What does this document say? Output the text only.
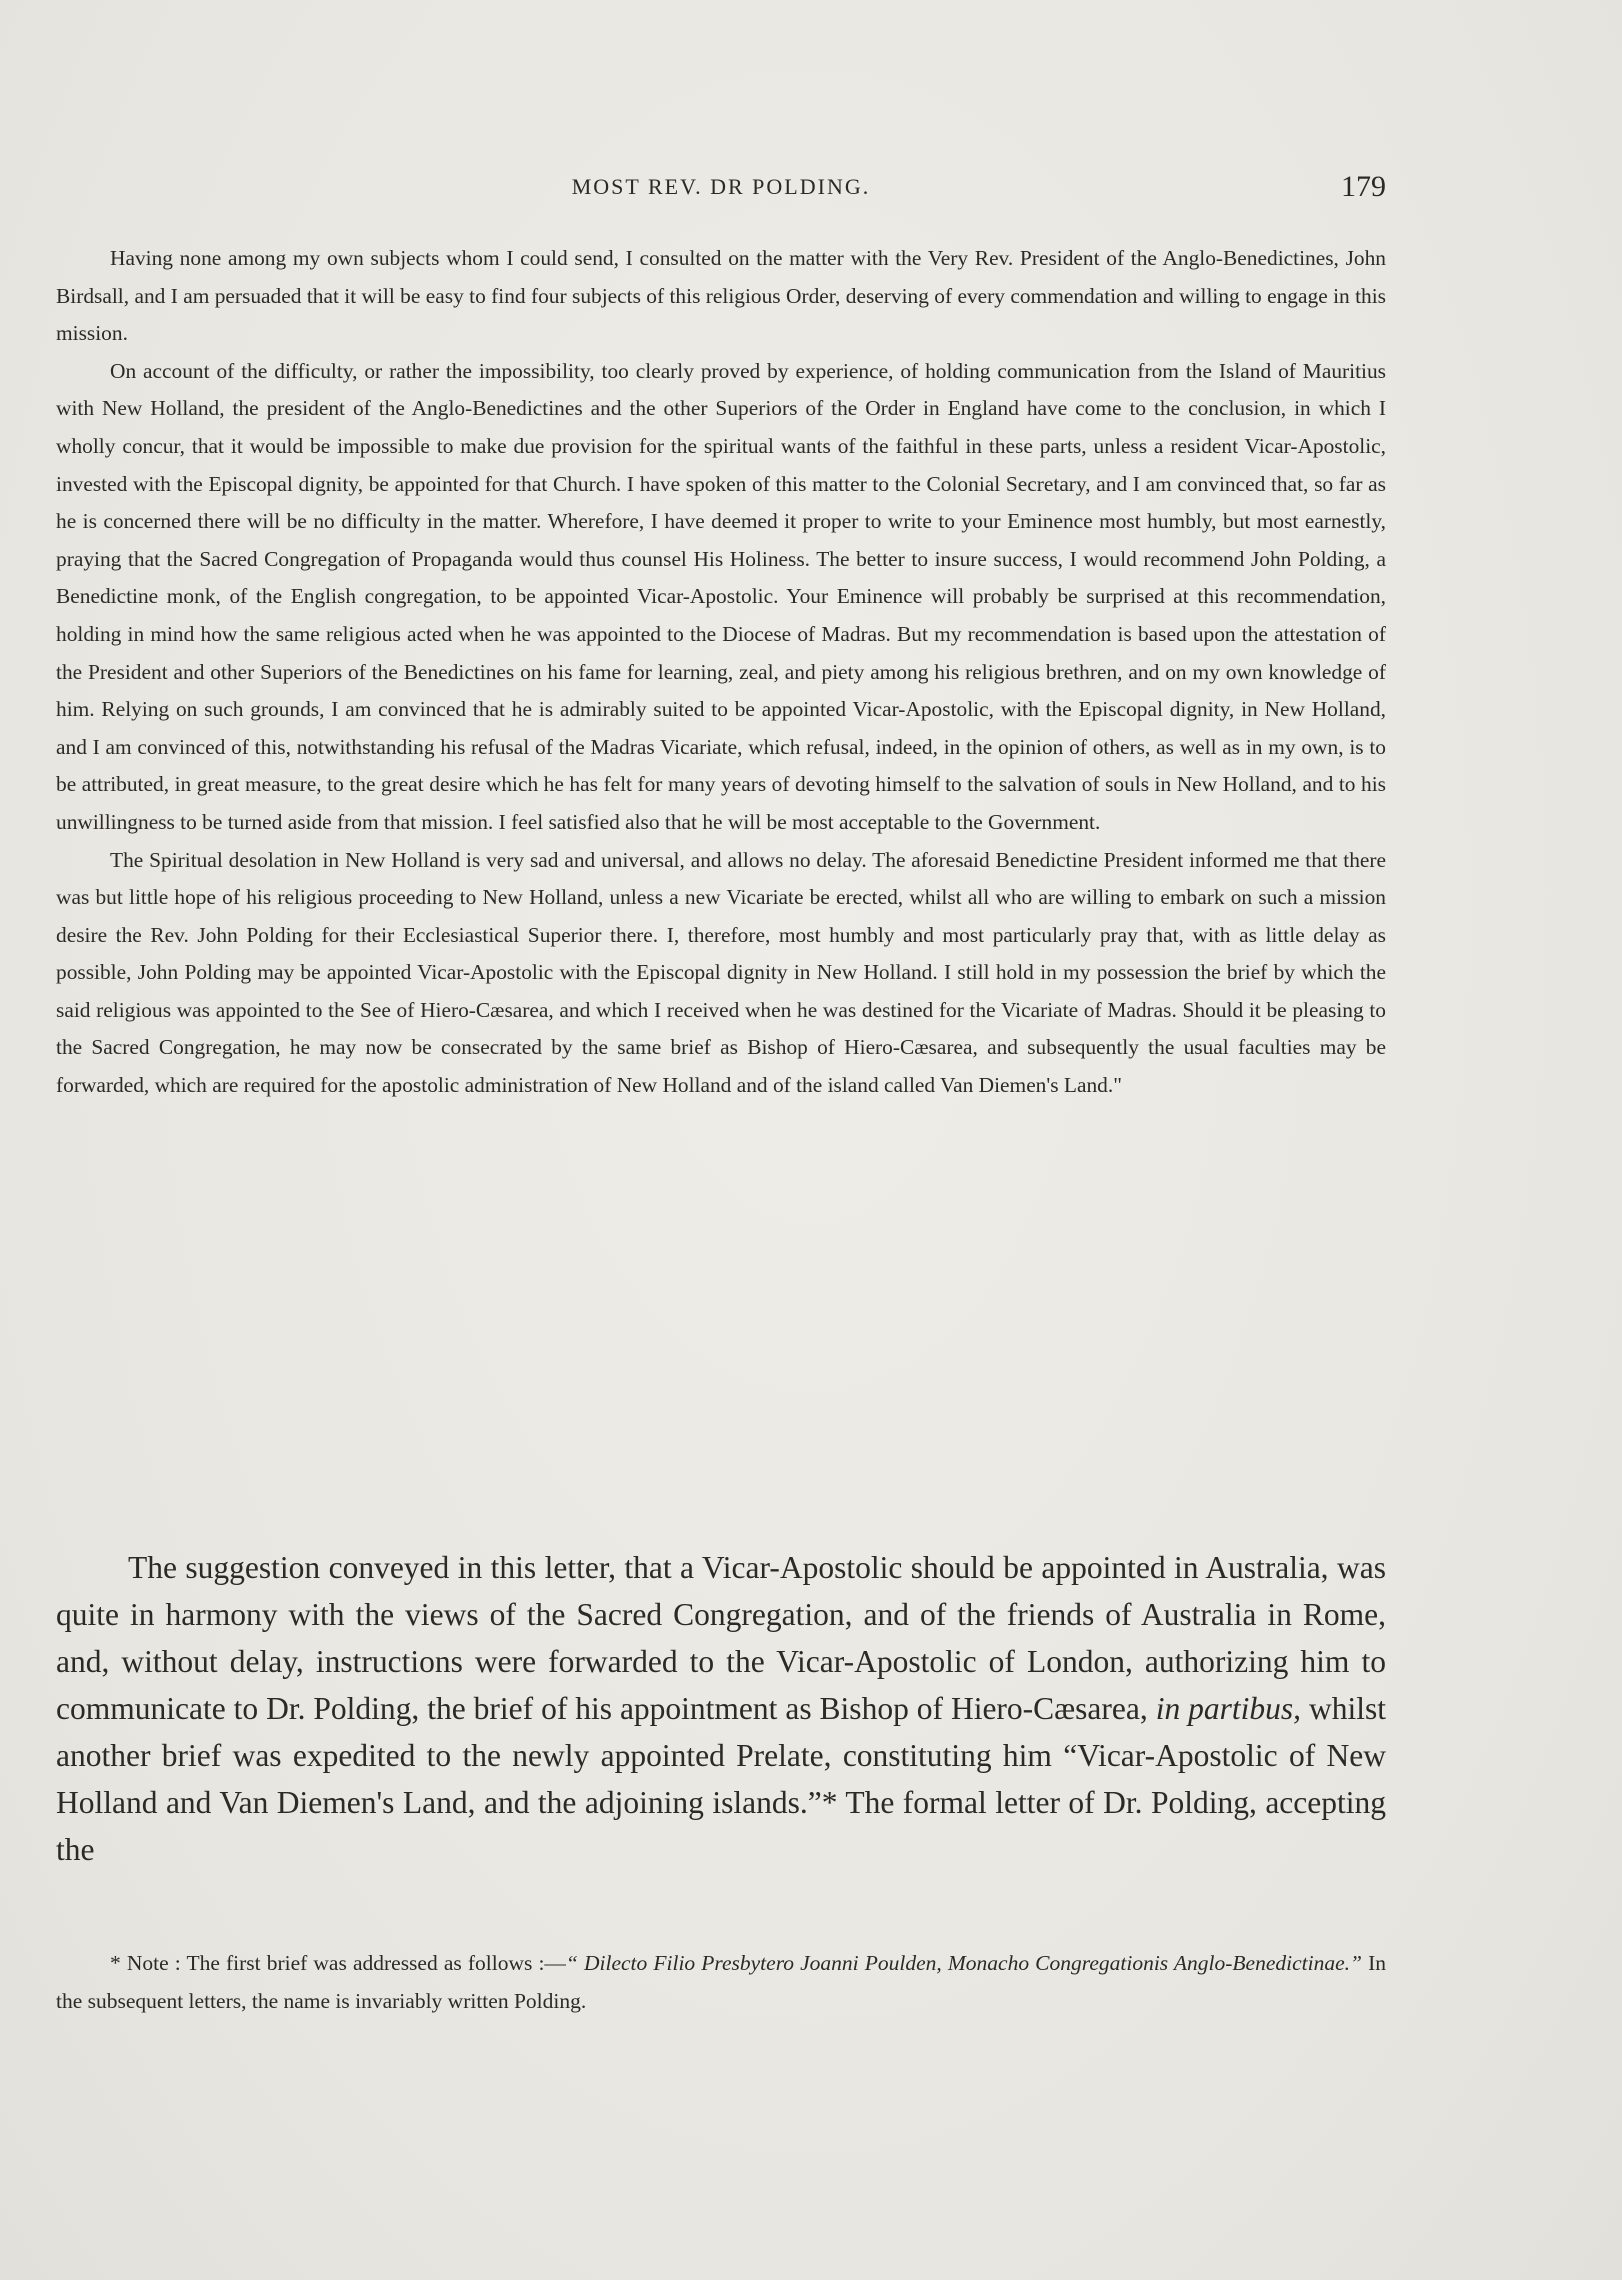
MOST REV. DR POLDING.	179

Having none among my own subjects whom I could send, I consulted on the matter with the Very Rev. President of the Anglo-Benedictines, John Birdsall, and I am persuaded that it will be easy to find four subjects of this religious Order, deserving of every commendation and willing to engage in this mission.

On account of the difficulty, or rather the impossibility, too clearly proved by experience, of holding communication from the Island of Mauritius with New Holland, the president of the Anglo-Benedictines and the other Superiors of the Order in England have come to the conclusion, in which I wholly concur, that it would be impossible to make due provision for the spiritual wants of the faithful in these parts, unless a resident Vicar-Apostolic, invested with the Episcopal dignity, be appointed for that Church. I have spoken of this matter to the Colonial Secretary, and I am convinced that, so far as he is concerned there will be no difficulty in the matter. Wherefore, I have deemed it proper to write to your Eminence most humbly, but most earnestly, praying that the Sacred Congregation of Propaganda would thus counsel His Holiness. The better to insure success, I would recommend John Polding, a Benedictine monk, of the English congregation, to be appointed Vicar-Apostolic. Your Eminence will probably be surprised at this recommendation, holding in mind how the same religious acted when he was appointed to the Diocese of Madras. But my recommendation is based upon the attestation of the President and other Superiors of the Benedictines on his fame for learning, zeal, and piety among his religious brethren, and on my own knowledge of him. Relying on such grounds, I am convinced that he is admirably suited to be appointed Vicar-Apostolic, with the Episcopal dignity, in New Holland, and I am convinced of this, notwithstanding his refusal of the Madras Vicariate, which refusal, indeed, in the opinion of others, as well as in my own, is to be attributed, in great measure, to the great desire which he has felt for many years of devoting himself to the salvation of souls in New Holland, and to his unwillingness to be turned aside from that mission. I feel satisfied also that he will be most acceptable to the Government.

The Spiritual desolation in New Holland is very sad and universal, and allows no delay. The aforesaid Benedictine President informed me that there was but little hope of his religious proceeding to New Holland, unless a new Vicariate be erected, whilst all who are willing to embark on such a mission desire the Rev. John Polding for their Ecclesiastical Superior there. I, therefore, most humbly and most particularly pray that, with as little delay as possible, John Polding may be appointed Vicar-Apostolic with the Episcopal dignity in New Holland. I still hold in my possession the brief by which the said religious was appointed to the See of Hiero-Cæsarea, and which I received when he was destined for the Vicariate of Madras. Should it be pleasing to the Sacred Congregation, he may now be consecrated by the same brief as Bishop of Hiero-Cæsarea, and subsequently the usual faculties may be forwarded, which are required for the apostolic administration of New Holland and of the island called Van Diemen's Land."

The suggestion conveyed in this letter, that a Vicar-Apostolic should be appointed in Australia, was quite in harmony with the views of the Sacred Congregation, and of the friends of Australia in Rome, and, without delay, instructions were forwarded to the Vicar-Apostolic of London, authorizing him to communicate to Dr. Polding, the brief of his appointment as Bishop of Hiero-Cæsarea, in partibus, whilst another brief was expedited to the newly appointed Prelate, constituting him “Vicar-Apostolic of New Holland and Van Diemen's Land, and the adjoining islands.”* The formal letter of Dr. Polding, accepting the

* Note : The first brief was addressed as follows :—“ Dilecto Filio Presbytero Joanni Poulden, Monacho Congregationis Anglo-Benedictinae.” In the subsequent letters, the name is invariably written Polding.
